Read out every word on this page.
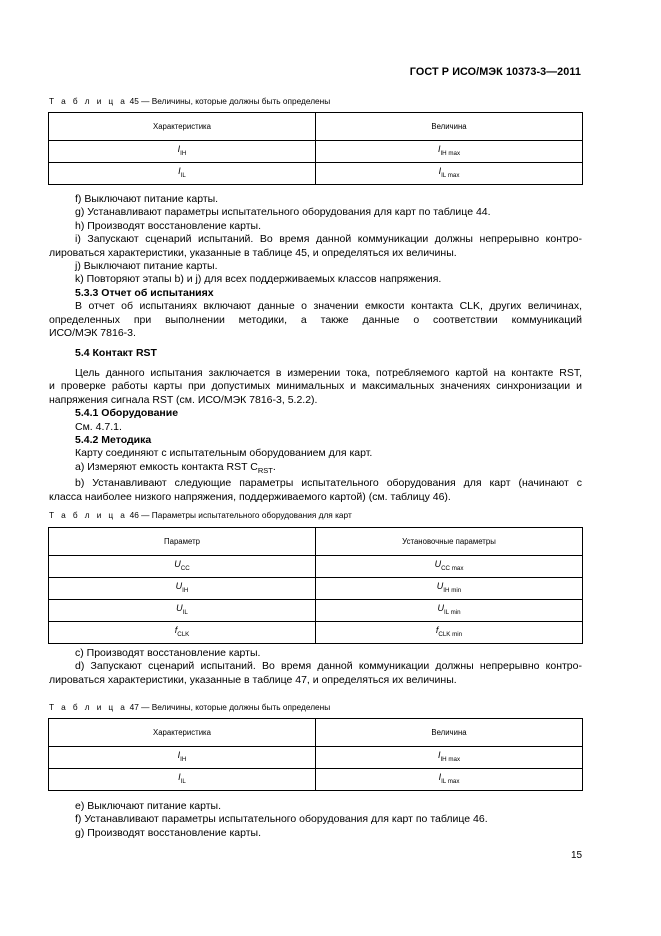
ГОСТ Р ИСО/МЭК 10373-3—2011
Т а б л и ц а 45 — Величины, которые должны быть определены
Характеристика	Величина
$I_{IH}$	$I_{IH max}$
$I_{IL}$	$I_{IL max}$
f) Выключают питание карты.
g) Устанавливают параметры испытательного оборудования для карт по таблице 44.
h) Производят восстановление карты.
i) Запускают сценарий испытаний. Во время данной коммуникации должны непрерывно контро-
лироваться характеристики, указанные в таблице 45, и определяться их величины.
j) Выключают питание карты.
k) Повторяют этапы b) и j) для всех поддерживаемых классов напряжения.
5.3.3 Отчет об испытаниях
В отчет об испытаниях включают данные о значении емкости контакта CLK, других величинах,
определенных при выполнении методики, а также данные о соответствии коммуникаций
ИСО/МЭК 7816-3.
5.4 Контакт RST
Цель данного испытания заключается в измерении тока, потребляемого картой на контакте RST,
и проверке работы карты при допустимых минимальных и максимальных значениях синхронизации и
напряжения сигнала RST (см. ИСО/МЭК 7816-3, 5.2.2).
5.4.1 Оборудование
См. 4.7.1.
5.4.2 Методика
Карту соединяют с испытательным оборудованием для карт.
a) Измеряют емкость контакта RST $C_{RST}$.
b) Устанавливают следующие параметры испытательного оборудования для карт (начинают с
класса наиболее низкого напряжения, поддерживаемого картой) (см. таблицу 46).
Т а б л и ц а 46 — Параметры испытательного оборудования для карт
Параметр	Установочные параметры
$U_{CC}$	$U_{CC max}$
$U_{IH}$	$U_{IH min}$
$U_{IL}$	$U_{IL min}$
$f_{CLK}$	$f_{CLK min}$
c) Производят восстановление карты.
d) Запускают сценарий испытаний. Во время данной коммуникации должны непрерывно контро-
лироваться характеристики, указанные в таблице 47, и определяться их величины.
Т а б л и ц а 47 — Величины, которые должны быть определены
Характеристика	Величина
$I_{IH}$	$I_{IH max}$
$I_{IL}$	$I_{IL max}$
e) Выключают питание карты.
f) Устанавливают параметры испытательного оборудования для карт по таблице 46.
g) Производят восстановление карты.
15
